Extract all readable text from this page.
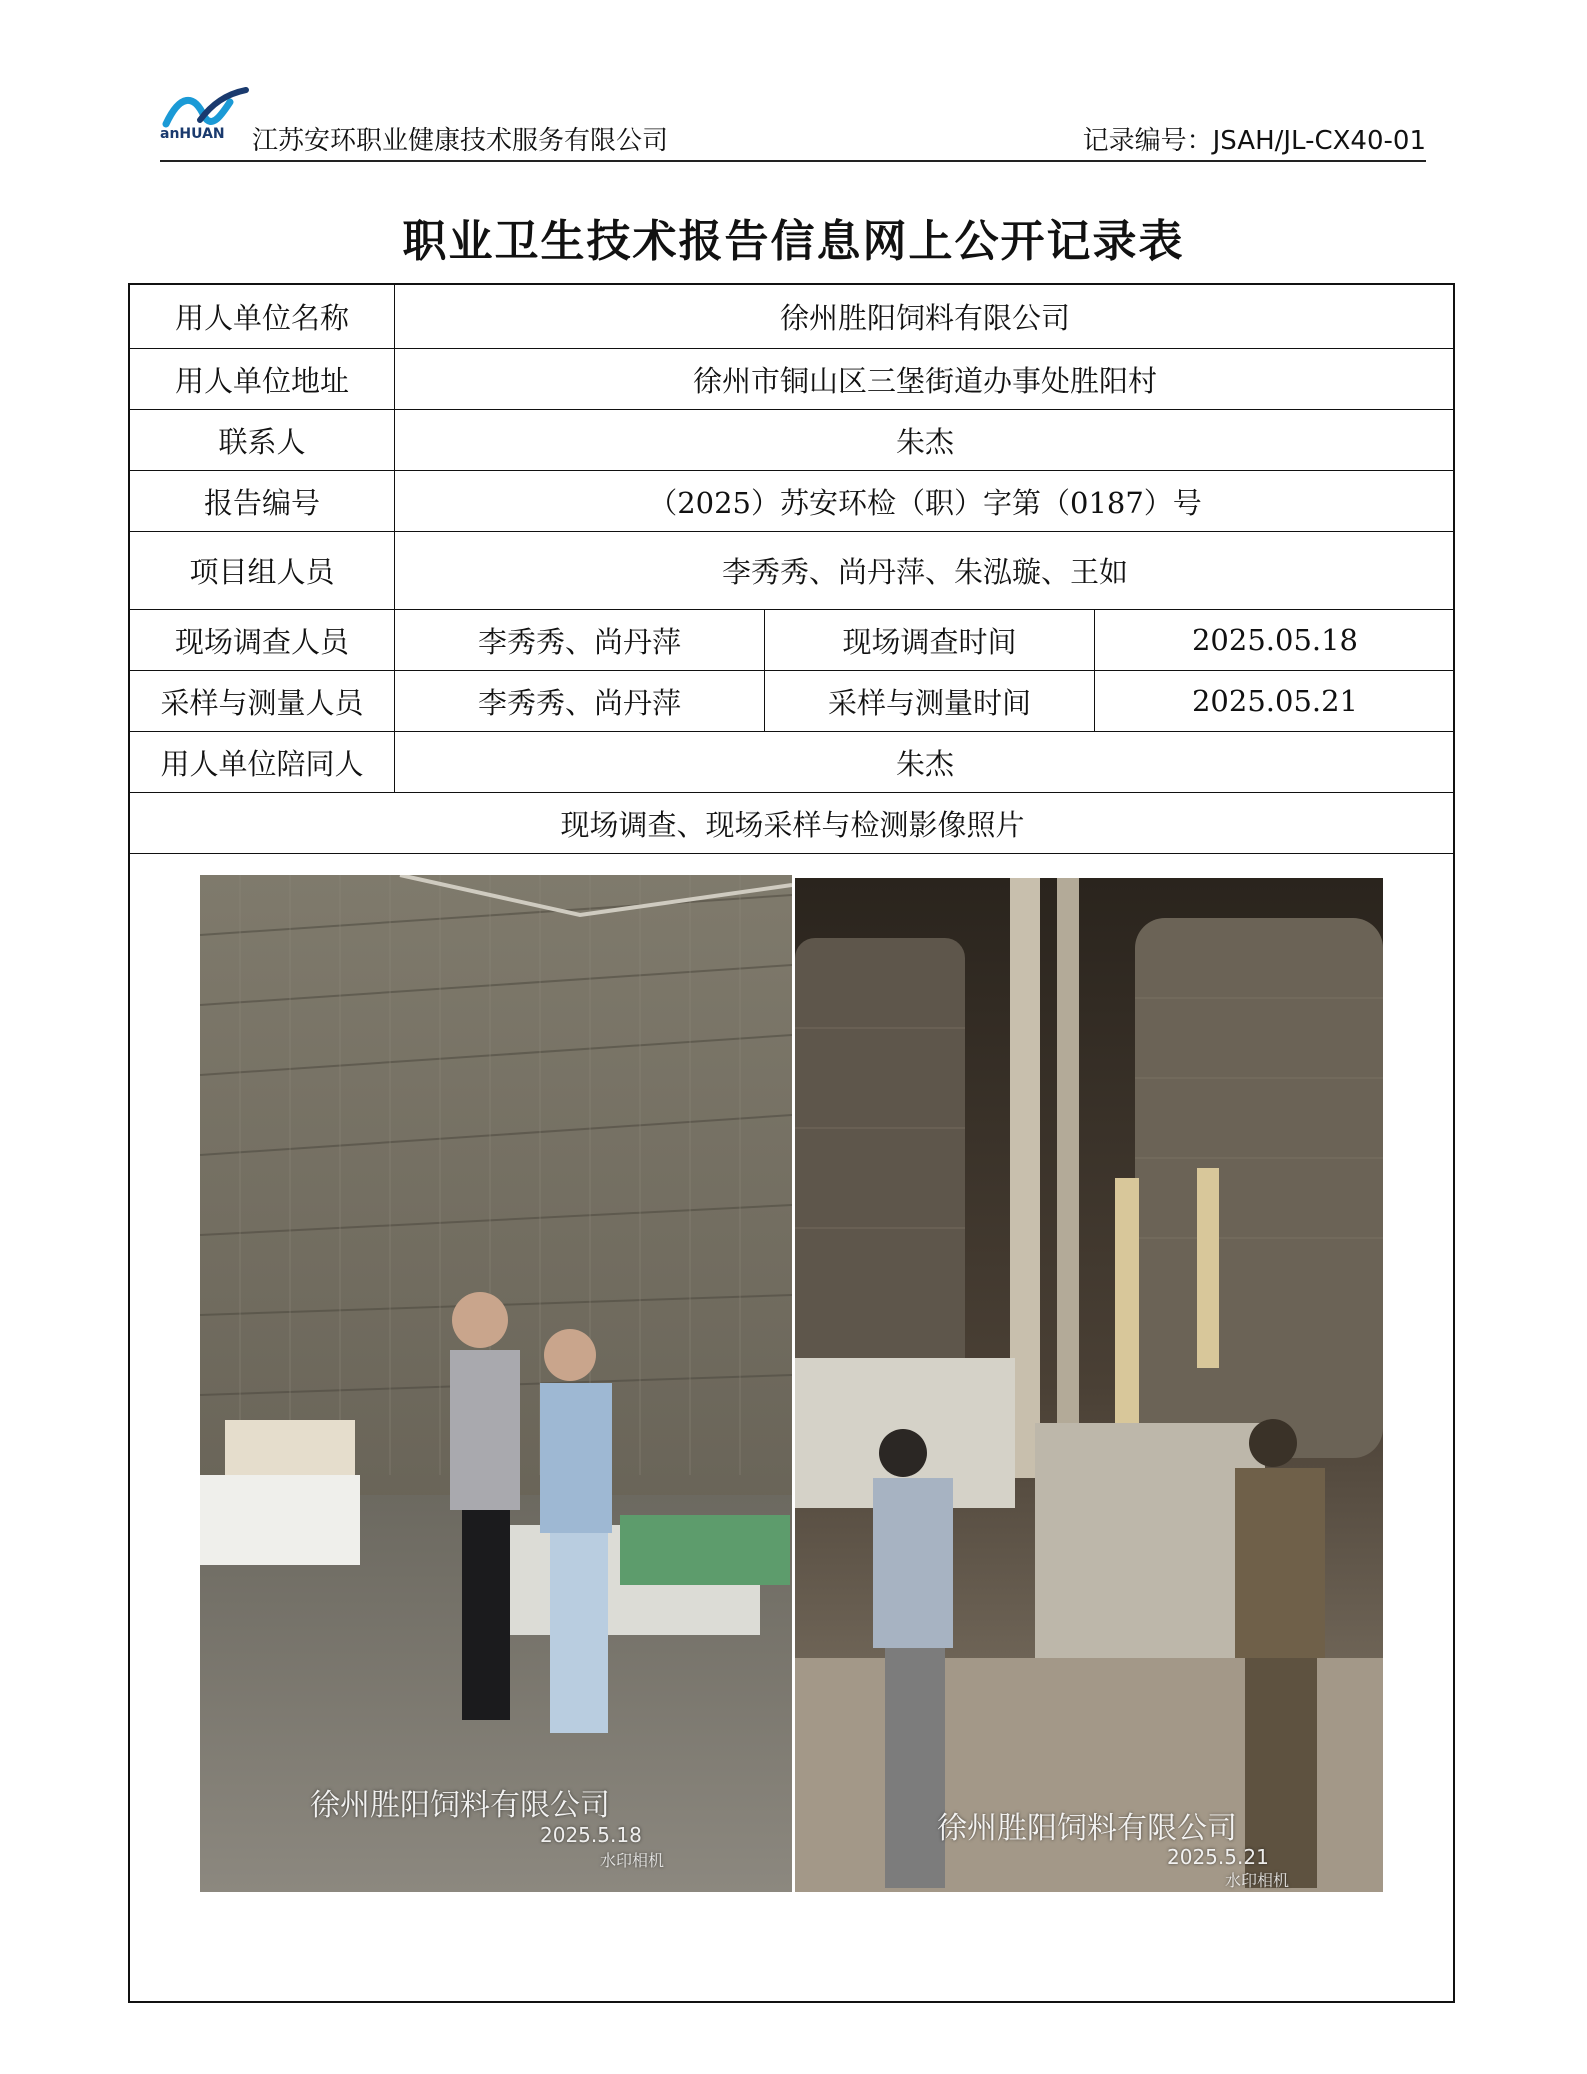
anHUAN 江苏安环职业健康技术服务有限公司	记录编号：JSAH/JL-CX40-01
职业卫生技术报告信息网上公开记录表
用人单位名称	徐州胜阳饲料有限公司
用人单位地址	徐州市铜山区三堡街道办事处胜阳村
联系人	朱杰
报告编号	（2025）苏安环检（职）字第（0187）号
项目组人员	李秀秀、尚丹萍、朱泓璇、王如
现场调查人员	李秀秀、尚丹萍	现场调查时间	2025.05.18
采样与测量人员	李秀秀、尚丹萍	采样与测量时间	2025.05.21
用人单位陪同人	朱杰
现场调查、现场采样与检测影像照片
徐州胜阳饲料有限公司
2025.5.18
水印相机
徐州胜阳饲料有限公司
2025.5.21
水印相机
